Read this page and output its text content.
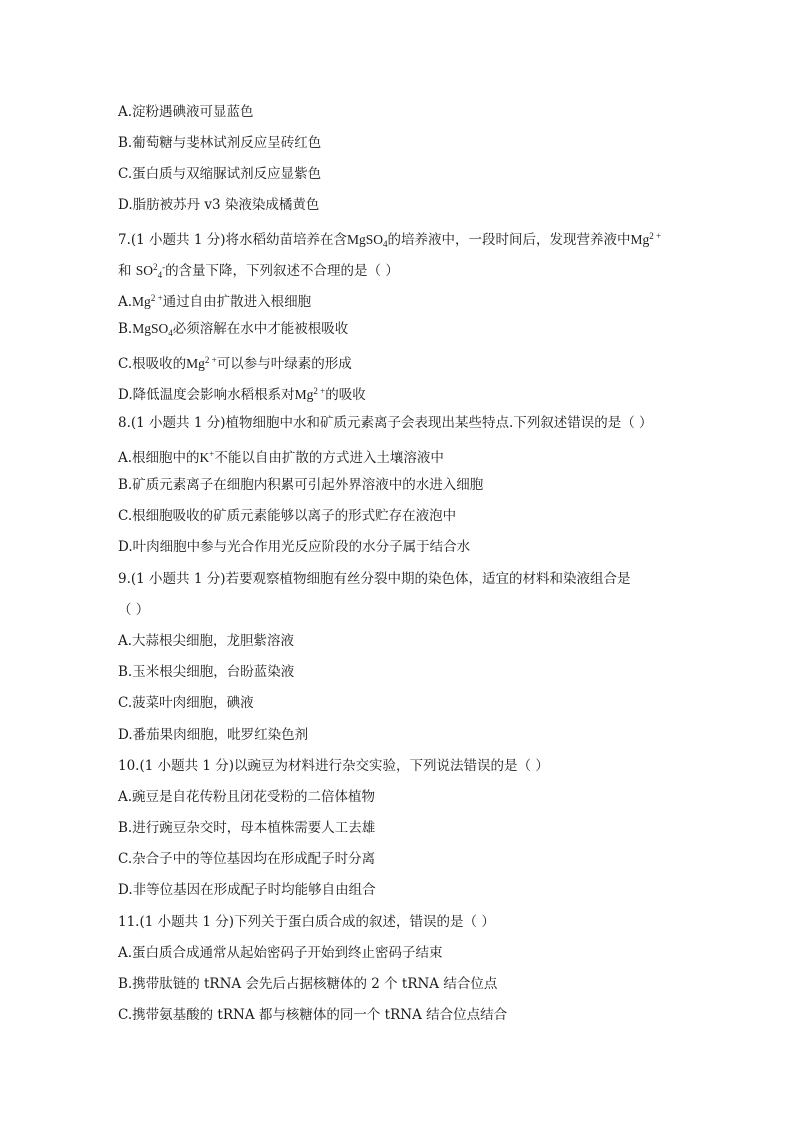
A.淀粉遇碘液可显蓝色
B.葡萄糖与斐林试剂反应呈砖红色
C.蛋白质与双缩脲试剂反应显紫色
D.脂肪被苏丹 v3 染液染成橘黄色
7.(1 小题共 1 分)将水稻幼苗培养在含MgSO$_4$的培养液中，一段时间后，发现营养液中$Mg^{2 +}$
和 $SO^2_4^-$的含量下降，下列叙述不合理的是（ ）
$A.Mg^{2 +}$通过自由扩散进入根细胞
B.MgSO$_4$必须溶解在水中才能被根吸收
C.根吸收的$Mg^{2 +}$可以参与叶绿素的形成
D.降低温度会影响水稻根系对$Mg^{2 +}$的吸收
8.(1 小题共 1 分)植物细胞中水和矿质元素离子会表现出某些特点.下列叙述错误的是（ ）
A.根细胞中的K+不能以自由扩散的方式进入土壤溶液中
B.矿质元素离子在细胞内积累可引起外界溶液中的水进入细胞
C.根细胞吸收的矿质元素能够以离子的形式贮存在液泡中
D.叶肉细胞中参与光合作用光反应阶段的水分子属于结合水
9.(1 小题共 1 分)若要观察植物细胞有丝分裂中期的染色体，适宜的材料和染液组合是
（ ）
A.大蒜根尖细胞，龙胆紫溶液
B.玉米根尖细胞，台盼蓝染液
C.菠菜叶肉细胞，碘液
D.番茄果肉细胞，吡罗红染色剂
10.(1 小题共 1 分)以豌豆为材料进行杂交实验，下列说法错误的是（ ）
A.豌豆是自花传粉且闭花受粉的二倍体植物
B.进行豌豆杂交时，母本植株需要人工去雄
C.杂合子中的等位基因均在形成配子时分离
D.非等位基因在形成配子时均能够自由组合
11.(1 小题共 1 分)下列关于蛋白质合成的叙述，错误的是（ ）
A.蛋白质合成通常从起始密码子开始到终止密码子结束
B.携带肽链的 tRNA 会先后占据核糖体的 2 个 tRNA 结合位点
C.携带氨基酸的 tRNA 都与核糖体的同一个 tRNA 结合位点结合
